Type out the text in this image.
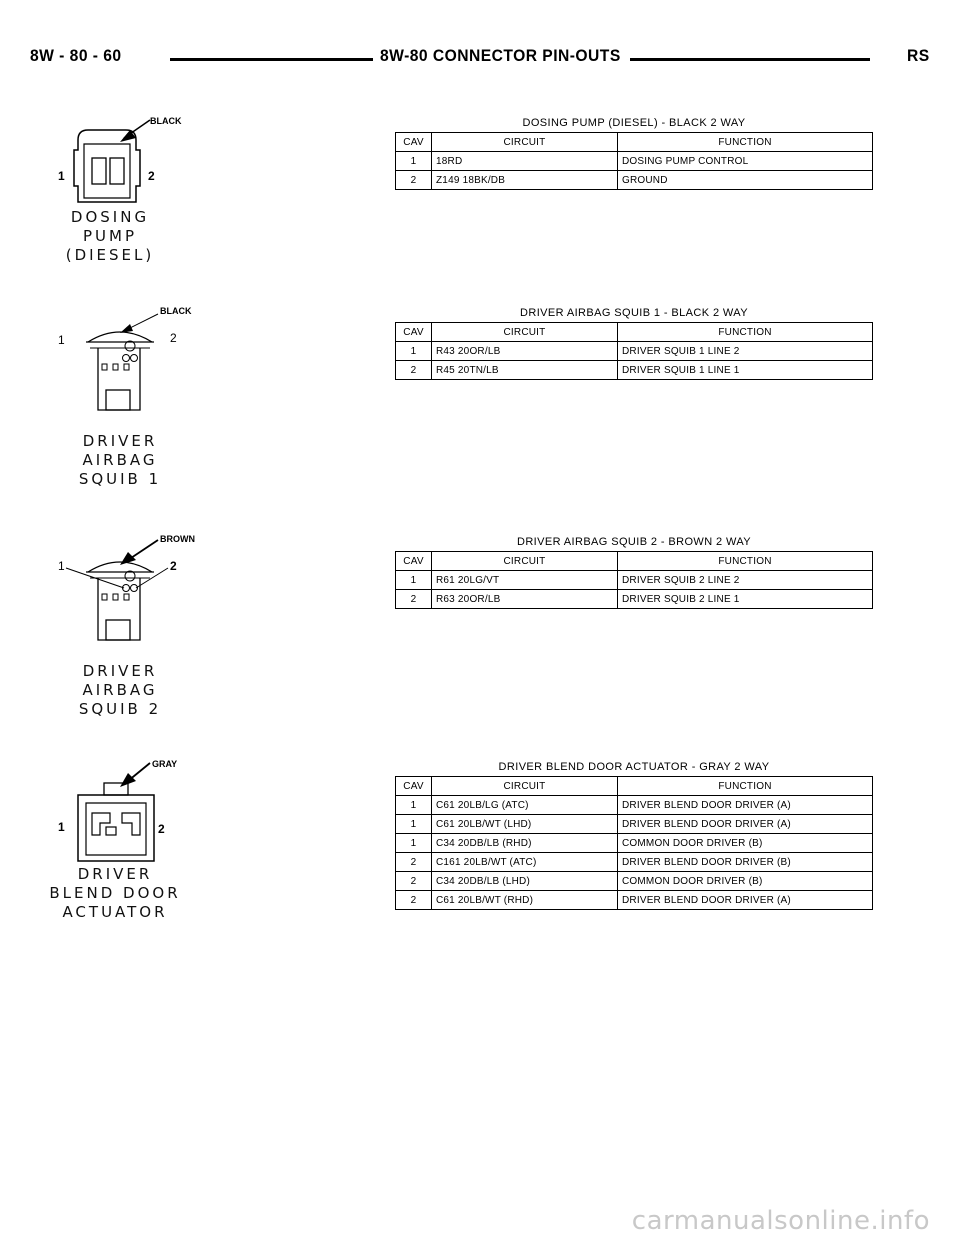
8W - 80 - 60	8W-80 CONNECTOR PIN-OUTS	RS
BLACK
1	2
DOSING
PUMP
(DIESEL)
DOSING PUMP (DIESEL) - BLACK 2 WAY
CAV	CIRCUIT	FUNCTION
1	18RD	DOSING PUMP CONTROL
2	Z149 18BK/DB	GROUND
BLACK
1	2
DRIVER
AIRBAG
SQUIB 1
DRIVER AIRBAG SQUIB 1 - BLACK 2 WAY
CAV	CIRCUIT	FUNCTION
1	R43 20OR/LB	DRIVER SQUIB 1 LINE 2
2	R45 20TN/LB	DRIVER SQUIB 1 LINE 1
BROWN
1	2
DRIVER
AIRBAG
SQUIB 2
DRIVER AIRBAG SQUIB 2 - BROWN 2 WAY
CAV	CIRCUIT	FUNCTION
1	R61 20LG/VT	DRIVER SQUIB 2 LINE 2
2	R63 20OR/LB	DRIVER SQUIB 2 LINE 1
GRAY
1	2
DRIVER
BLEND DOOR
ACTUATOR
DRIVER BLEND DOOR ACTUATOR - GRAY 2 WAY
CAV	CIRCUIT	FUNCTION
1	C61 20LB/LG (ATC)	DRIVER BLEND DOOR DRIVER (A)
1	C61 20LB/WT (LHD)	DRIVER BLEND DOOR DRIVER (A)
1	C34 20DB/LB (RHD)	COMMON DOOR DRIVER (B)
2	C161 20LB/WT (ATC)	DRIVER BLEND DOOR DRIVER (B)
2	C34 20DB/LB (LHD)	COMMON DOOR DRIVER (B)
2	C61 20LB/WT (RHD)	DRIVER BLEND DOOR DRIVER (A)
carmanualsonline.info
